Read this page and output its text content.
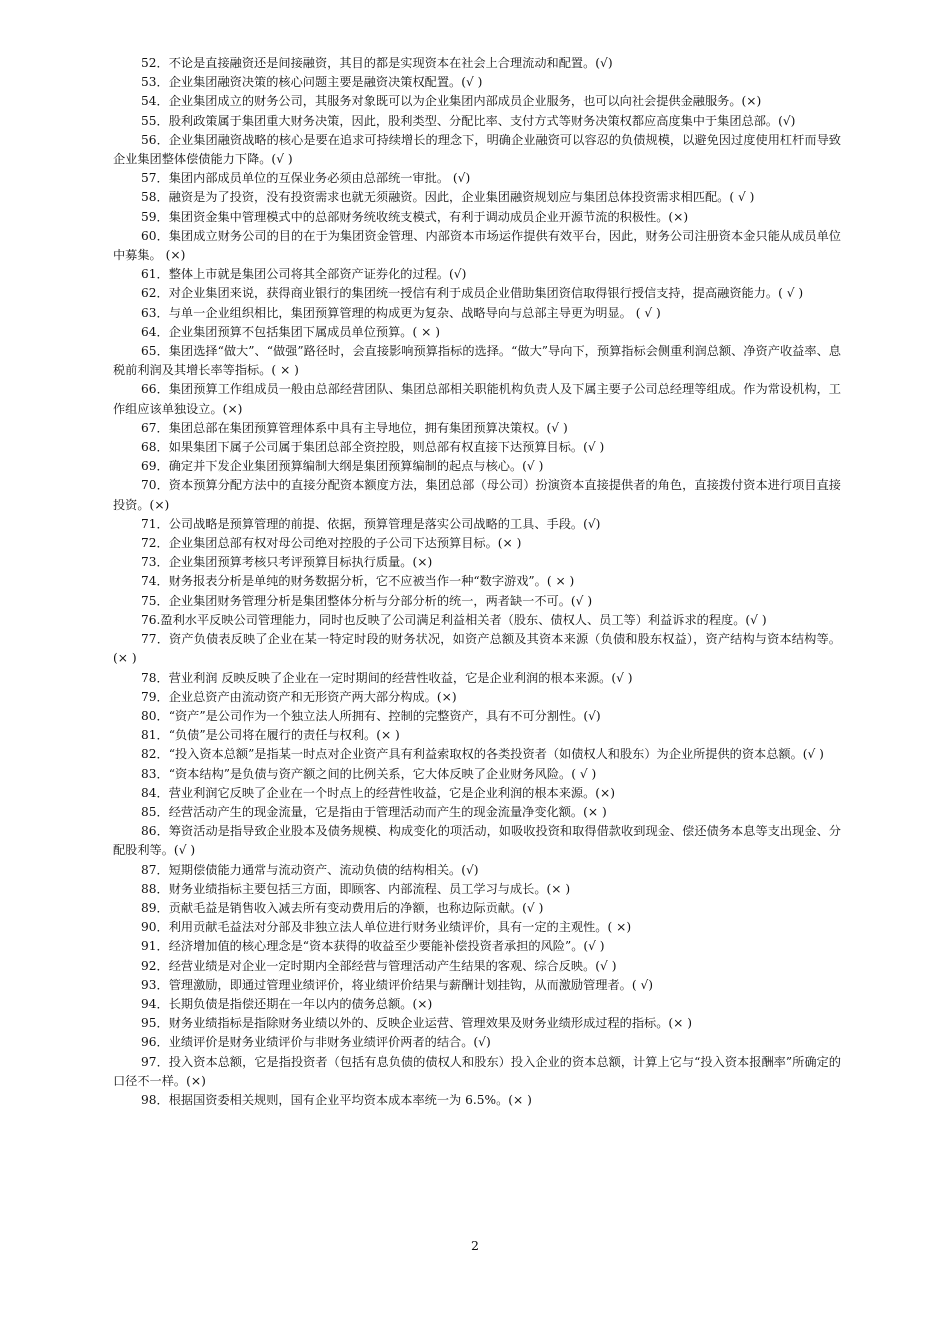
52．不论是直接融资还是间接融资，其目的都是实现资本在社会上合理流动和配置。(√)
53．企业集团融资决策的核心问题主要是融资决策权配置。(√ )
54．企业集团成立的财务公司，其服务对象既可以为企业集团内部成员企业服务，也可以向社会提供金融服务。(×)
55．股利政策属于集团重大财务决策，因此，股利类型、分配比率、支付方式等财务决策权都应高度集中于集团总部。(√)
56．企业集团融资战略的核心是要在追求可持续增长的理念下，明确企业融资可以容忍的负债规模，以避免因过度使用杠杆而导致企业集团整体偿债能力下降。(√ )
57．集团内部成员单位的互保业务必须由总部统一审批。 (√)
58．融资是为了投资，没有投资需求也就无须融资。因此，企业集团融资规划应与集团总体投资需求相匹配。( √ )
59．集团资金集中管理模式中的总部财务统收统支模式，有利于调动成员企业开源节流的积极性。(×)
60．集团成立财务公司的目的在于为集团资金管理、内部资本市场运作提供有效平台，因此，财务公司注册资本金只能从成员单位中募集。 (×)
61．整体上市就是集团公司将其全部资产证券化的过程。(√)
62．对企业集团来说，获得商业银行的集团统一授信有利于成员企业借助集团资信取得银行授信支持，提高融资能力。( √ )
63．与单一企业组织相比，集团预算管理的构成更为复杂、战略导向与总部主导更为明显。 ( √ )
64．企业集团预算不包括集团下属成员单位预算。( × )
65．集团选择“做大”、“做强”路径时，会直接影响预算指标的选择。“做大”导向下，预算指标会侧重利润总额、净资产收益率、息税前利润及其增长率等指标。( × )
66．集团预算工作组成员一般由总部经营团队、集团总部相关职能机构负责人及下属主要子公司总经理等组成。作为常设机构，工作组应该单独设立。(×)
67．集团总部在集团预算管理体系中具有主导地位，拥有集团预算决策权。(√ )
68．如果集团下属子公司属于集团总部全资控股，则总部有权直接下达预算目标。(√ )
69．确定并下发企业集团预算编制大纲是集团预算编制的起点与核心。(√ )
70．资本预算分配方法中的直接分配资本额度方法，集团总部（母公司）扮演资本直接提供者的角色，直接拨付资本进行项目直接投资。(×)
71．公司战略是预算管理的前提、依据，预算管理是落实公司战略的工具、手段。(√)
72．企业集团总部有权对母公司绝对控股的子公司下达预算目标。(× )
73．企业集团预算考核只考评预算目标执行质量。(×)
74．财务报表分析是单纯的财务数据分析，它不应被当作一种“数字游戏”。( × )
75．企业集团财务管理分析是集团整体分析与分部分析的统一，两者缺一不可。(√ )
76.盈利水平反映公司管理能力，同时也反映了公司满足利益相关者（股东、债权人、员工等）利益诉求的程度。(√ )
77．资产负债表反映了企业在某一特定时段的财务状况，如资产总额及其资本来源（负债和股东权益），资产结构与资本结构等。(× )
78．营业利润 反映反映了企业在一定时期间的经营性收益，它是企业利润的根本来源。(√ )
79．企业总资产由流动资产和无形资产两大部分构成。(×)
80．“资产”是公司作为一个独立法人所拥有、控制的完整资产，具有不可分割性。(√)
81．“负债”是公司将在履行的责任与权利。(× )
82．“投入资本总额”是指某一时点对企业资产具有利益索取权的各类投资者（如债权人和股东）为企业所提供的资本总额。(√ )
83．“资本结构”是负债与资产额之间的比例关系，它大体反映了企业财务风险。( √ )
84．营业利润它反映了企业在一个时点上的经营性收益，它是企业利润的根本来源。(×)
85．经营活动产生的现金流量，它是指由于管理活动而产生的现金流量净变化额。(× )
86．筹资活动是指导致企业股本及债务规模、构成变化的项活动，如吸收投资和取得借款收到现金、偿还债务本息等支出现金、分配股利等。(√ )
87．短期偿债能力通常与流动资产、流动负债的结构相关。(√)
88．财务业绩指标主要包括三方面，即顾客、内部流程、员工学习与成长。(× )
89．贡献毛益是销售收入减去所有变动费用后的净额，也称边际贡献。(√ )
90．利用贡献毛益法对分部及非独立法人单位进行财务业绩评价，具有一定的主观性。( ×)
91．经济增加值的核心理念是“资本获得的收益至少要能补偿投资者承担的风险”。(√ )
92．经营业绩是对企业一定时期内全部经营与管理活动产生结果的客观、综合反映。(√ )
93．管理激励，即通过管理业绩评价，将业绩评价结果与薪酬计划挂钩，从而激励管理者。( √)
94．长期负债是指偿还期在一年以内的债务总额。(×)
95．财务业绩指标是指除财务业绩以外的、反映企业运营、管理效果及财务业绩形成过程的指标。(× )
96．业绩评价是财务业绩评价与非财务业绩评价两者的结合。(√)
97．投入资本总额，它是指投资者（包括有息负债的债权人和股东）投入企业的资本总额，计算上它与“投入资本报酬率”所确定的口径不一样。(×)
98．根据国资委相关规则，国有企业平均资本成本率统一为 6.5%。(× )
2
